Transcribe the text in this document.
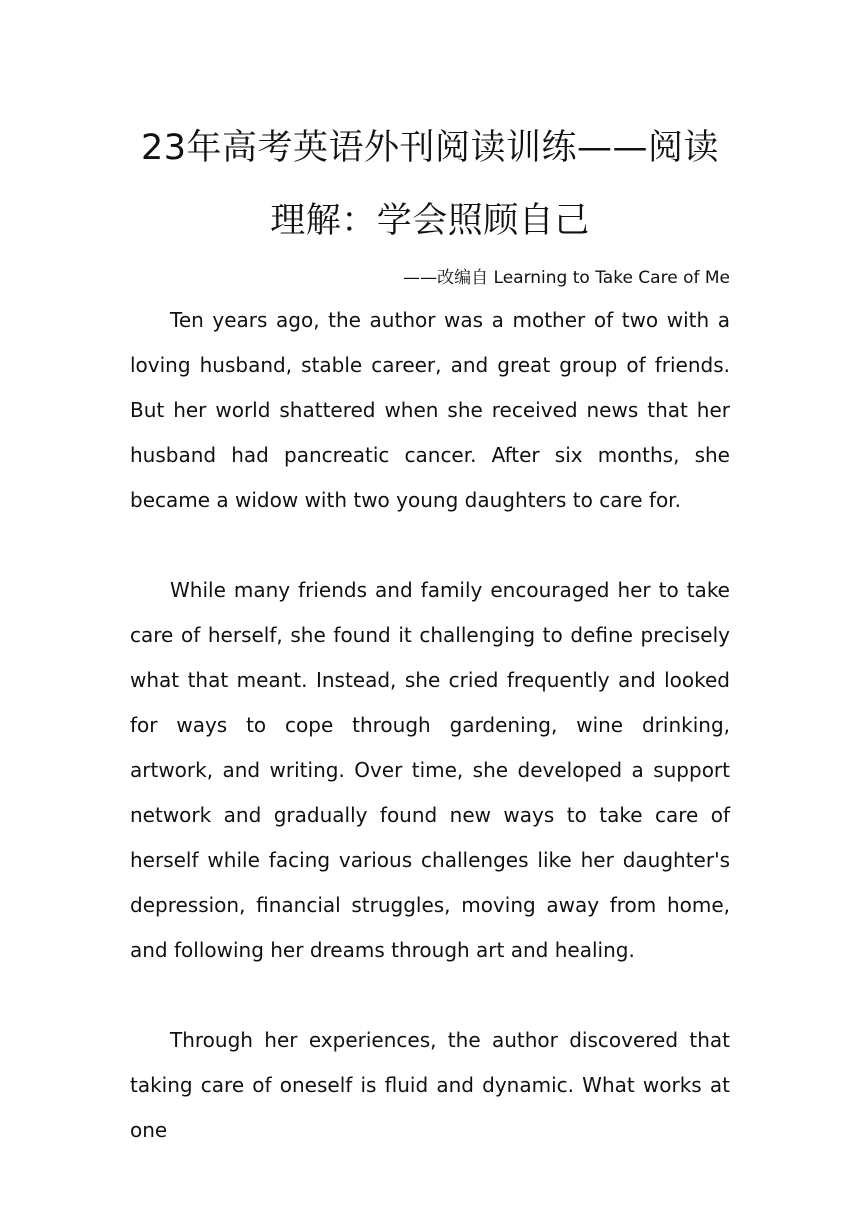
23年高考英语外刊阅读训练——阅读理解：学会照顾自己

——改编自 Learning to Take Care of Me

Ten years ago, the author was a mother of two with a loving husband, stable career, and great group of friends. But her world shattered when she received news that her husband had pancreatic cancer. After six months, she became a widow with two young daughters to care for.

While many friends and family encouraged her to take care of herself, she found it challenging to define precisely what that meant. Instead, she cried frequently and looked for ways to cope through gardening, wine drinking, artwork, and writing. Over time, she developed a support network and gradually found new ways to take care of herself while facing various challenges like her daughter's depression, financial struggles, moving away from home, and following her dreams through art and healing.

Through her experiences, the author discovered that taking care of oneself is fluid and dynamic. What works at one
